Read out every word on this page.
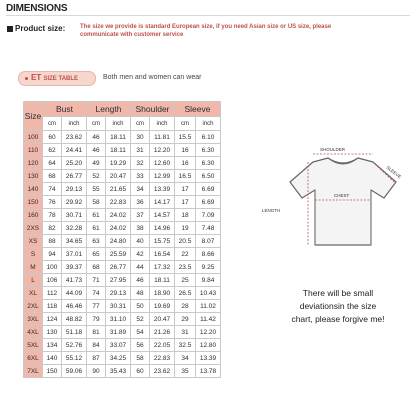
DIMENSIONS
Product size: The size we provide is standard European size, if you need Asian size or US size, please communicate with customer service
ET SIZE TABLE	Both men and women can wear
Size	Bust		Length		Shoulder		Sleeve	
	cm	inch	cm	inch	cm	inch	cm	inch
100	60	23.62	46	18.11	30	11.81	15.5	6.10
110	62	24.41	46	18.11	31	12.20	16	6.30
120	64	25.20	49	19.29	32	12.60	16	6.30
130	68	26.77	52	20.47	33	12.99	16.5	6.50
140	74	29.13	55	21.65	34	13.39	17	6.69
150	76	29.92	58	22.83	36	14.17	17	6.69
160	78	30.71	61	24.02	37	14.57	18	7.09
2XS	82	32.28	61	24.02	38	14.96	19	7.48
XS	88	34.65	63	24.80	40	15.75	20.5	8.07
S	94	37.01	65	25.59	42	16.54	22	8.66
M	100	39.37	68	26.77	44	17.32	23.5	9.25
L	106	41.73	71	27.95	46	18.11	25	9.84
XL	112	44.09	74	29.13	48	18.90	26.5	10.43
2XL	118	46.46	77	30.31	50	19.69	28	11.02
3XL	124	48.82	79	31.10	52	20.47	29	11.42
4XL	130	51.18	81	31.89	54	21.26	31	12.20
5XL	134	52.76	84	33.07	56	22.05	32.5	12.80
6XL	140	55.12	87	34.25	58	22.83	34	13.39
7XL	150	59.06	90	35.43	60	23.62	35	13.78
SHOULDER
SLEEVE
CHEST
LENGTH
There will be small
deviationsin the size
chart, please forgive me!
